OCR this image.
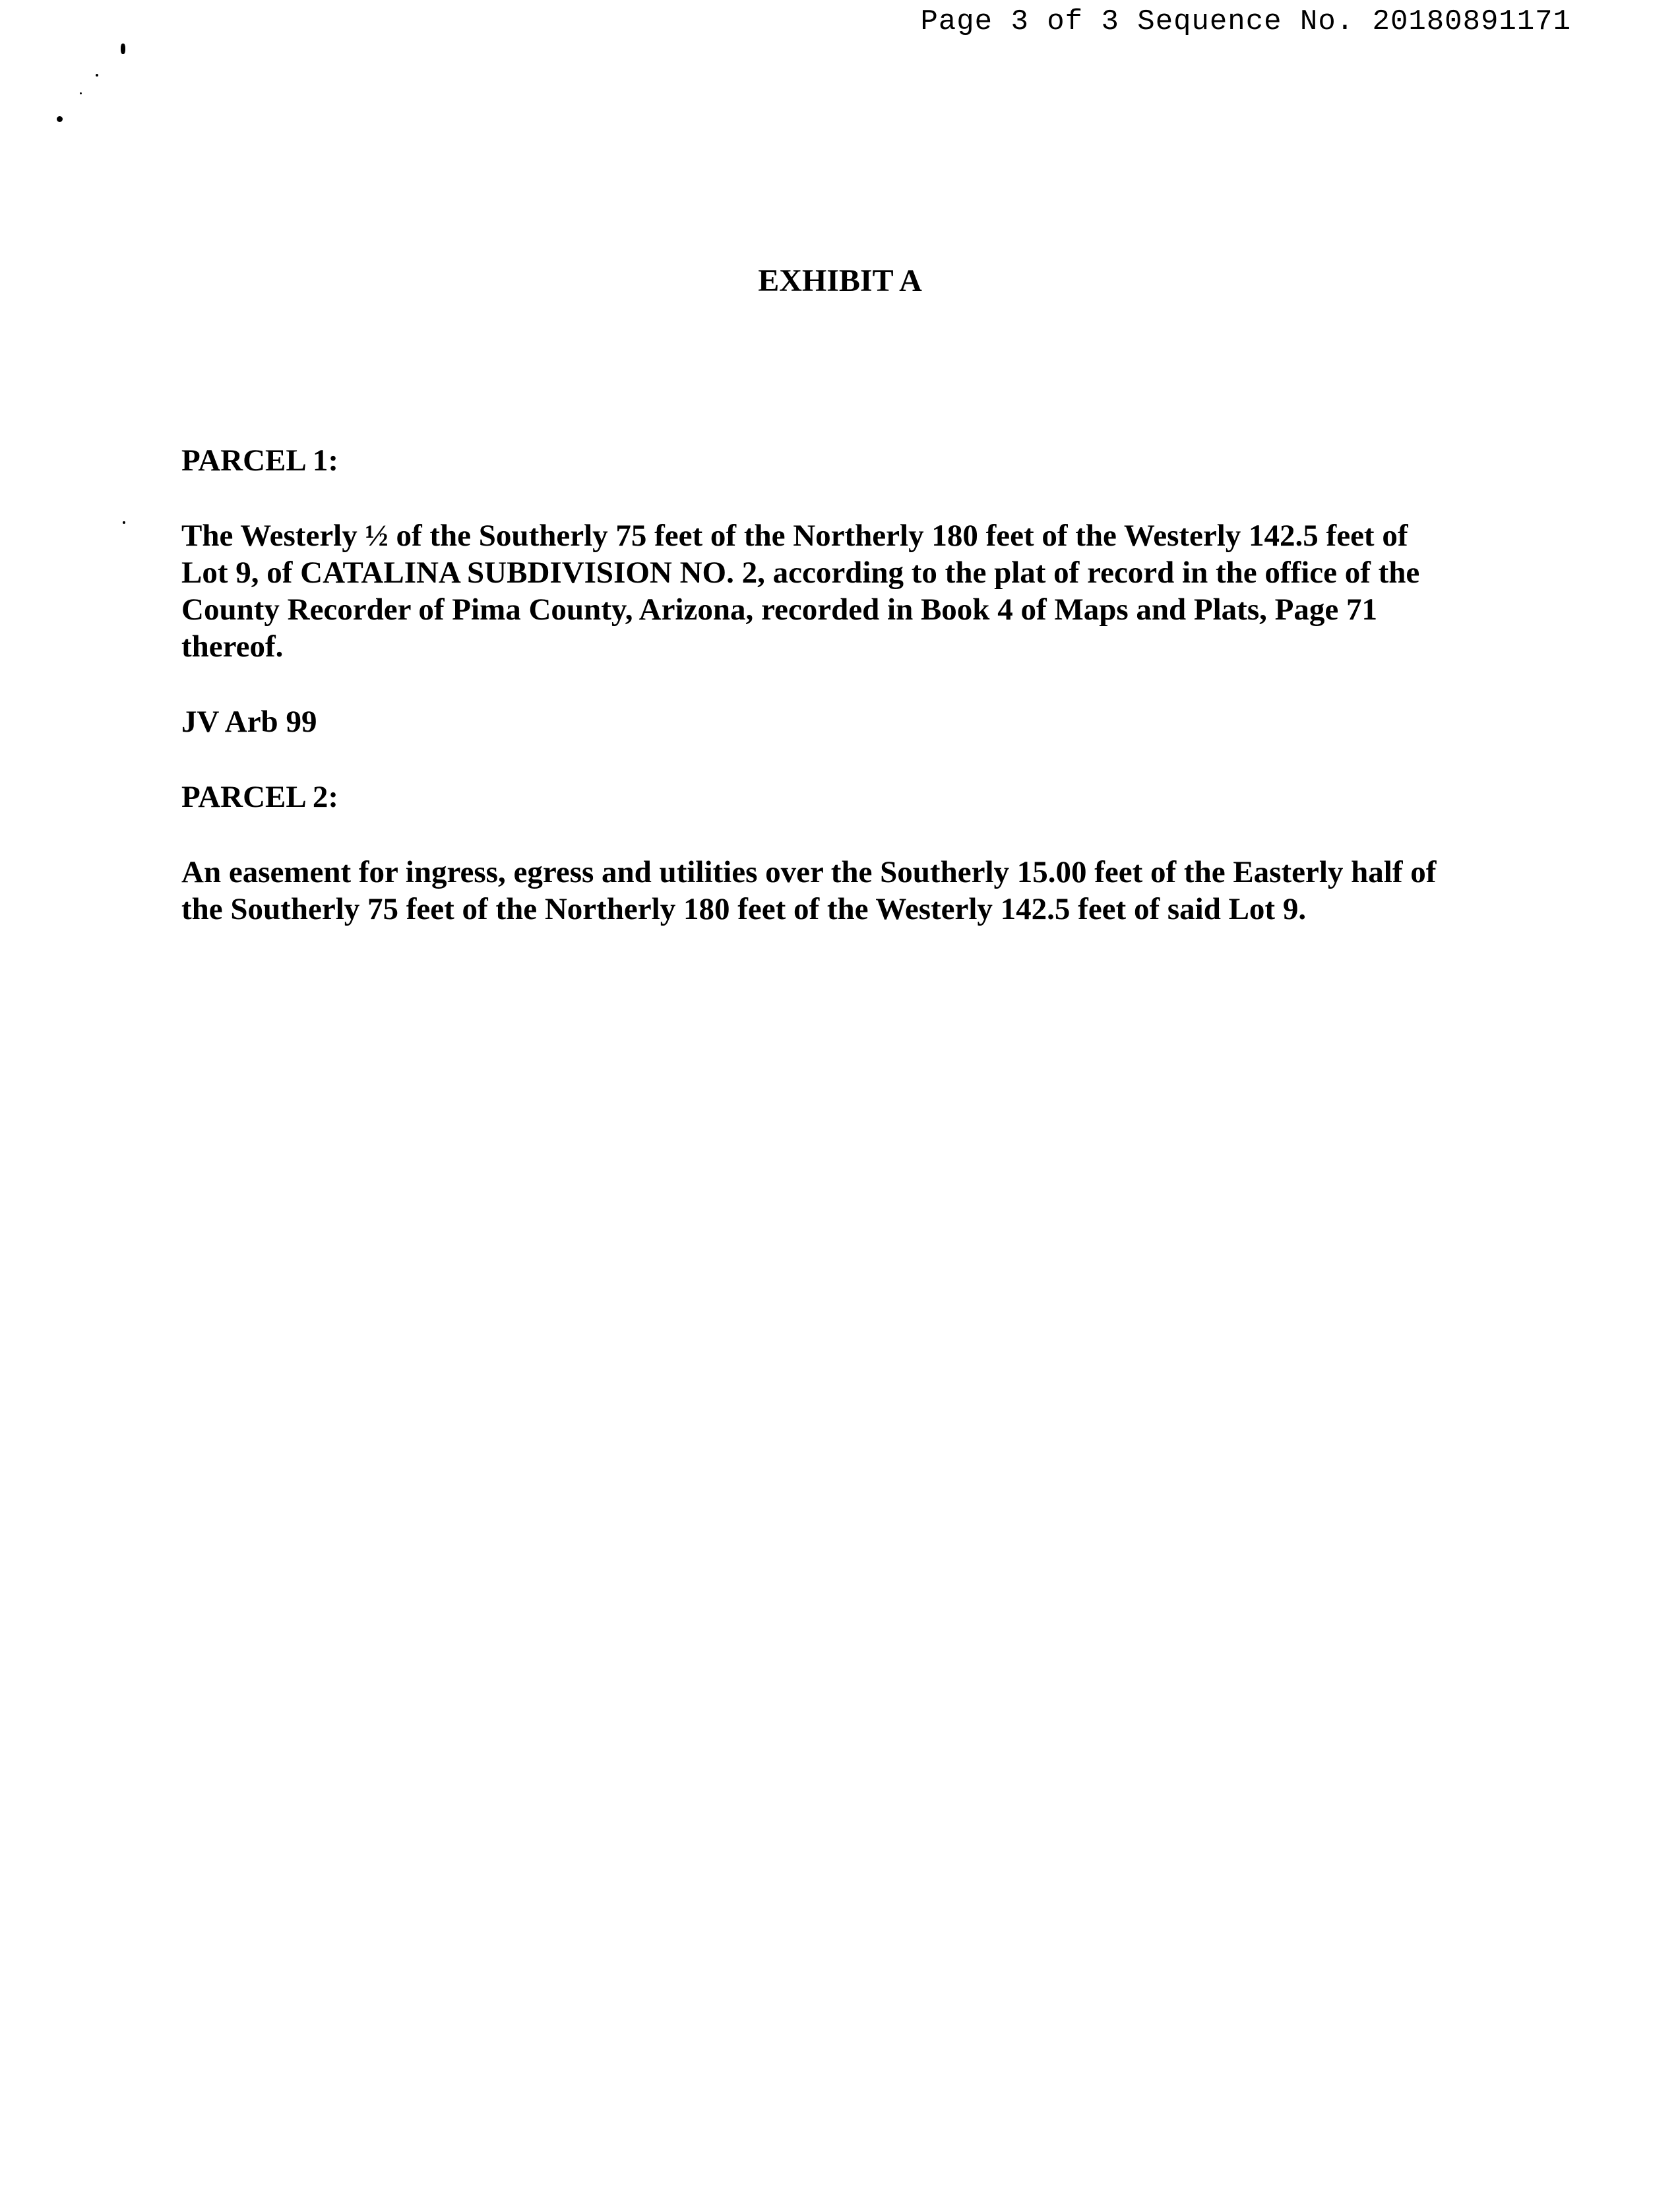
Page 3 of 3 Sequence No. 20180891171
EXHIBIT A

PARCEL 1:

The Westerly ½ of the Southerly 75 feet of the Northerly 180 feet of the Westerly 142.5 feet of
Lot 9, of CATALINA SUBDIVISION NO. 2, according to the plat of record in the office of the
County Recorder of Pima County, Arizona, recorded in Book 4 of Maps and Plats, Page 71
thereof.

JV Arb 99

PARCEL 2:

An easement for ingress, egress and utilities over the Southerly 15.00 feet of the Easterly half of
the Southerly 75 feet of the Northerly 180 feet of the Westerly 142.5 feet of said Lot 9.
